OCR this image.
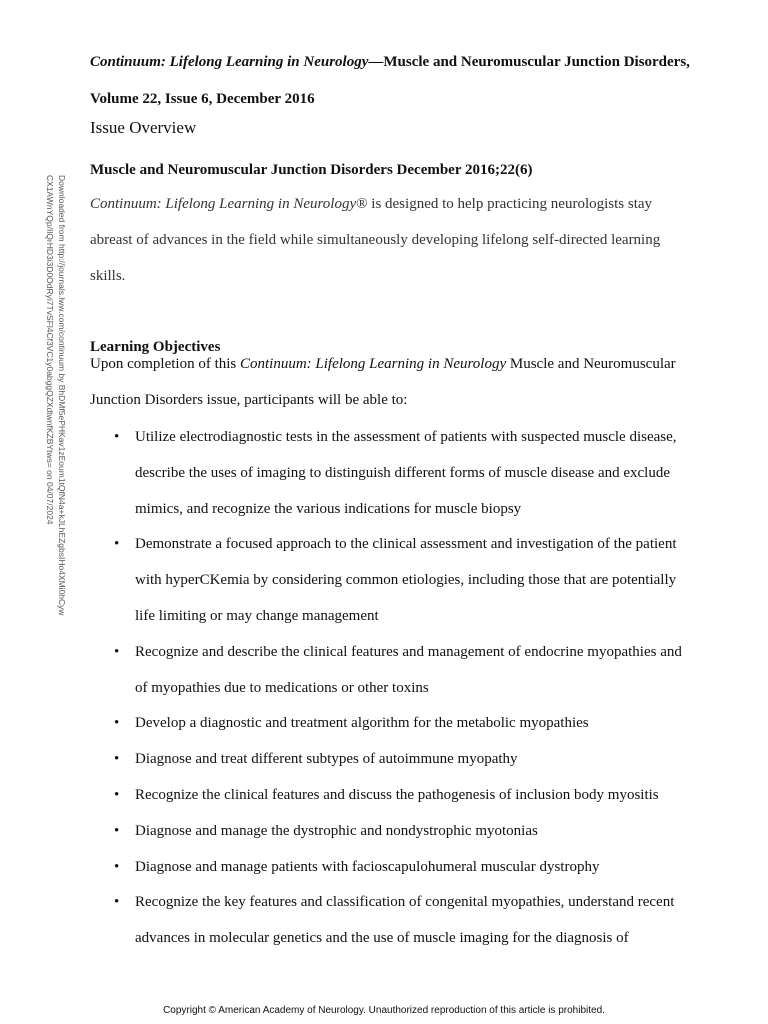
Continuum: Lifelong Learning in Neurology—Muscle and Neuromuscular Junction Disorders, Volume 22, Issue 6, December 2016
Issue Overview
Muscle and Neuromuscular Junction Disorders December 2016;22(6)
Continuum: Lifelong Learning in Neurology® is designed to help practicing neurologists stay abreast of advances in the field while simultaneously developing lifelong self-directed learning skills.
Learning Objectives
Upon completion of this Continuum: Lifelong Learning in Neurology Muscle and Neuromuscular Junction Disorders issue, participants will be able to:
• Utilize electrodiagnostic tests in the assessment of patients with suspected muscle disease, describe the uses of imaging to distinguish different forms of muscle disease and exclude mimics, and recognize the various indications for muscle biopsy
• Demonstrate a focused approach to the clinical assessment and investigation of the patient with hyperCKemia by considering common etiologies, including those that are potentially life limiting or may change management
• Recognize and describe the clinical features and management of endocrine myopathies and of myopathies due to medications or other toxins
• Develop a diagnostic and treatment algorithm for the metabolic myopathies
• Diagnose and treat different subtypes of autoimmune myopathy
• Recognize the clinical features and discuss the pathogenesis of inclusion body myositis
• Diagnose and manage the dystrophic and nondystrophic myotonias
• Diagnose and manage patients with facioscapulohumeral muscular dystrophy
• Recognize the key features and classification of congenital myopathies, understand recent advances in molecular genetics and the use of muscle imaging for the diagnosis of
Downloaded from http://journals.lww.com/continuum by BhDMf5ePHKav1zEoum1tQfN4a+kJLhEZgbsIHo4XMi0hCyw
CX1AWnYQp/IlQrHD3i3D0OdRyi7TvSFl4Cf3VC1y0abggQZXdtwnfKZBYtws= on 04/07/2024
Copyright © American Academy of Neurology. Unauthorized reproduction of this article is prohibited.
